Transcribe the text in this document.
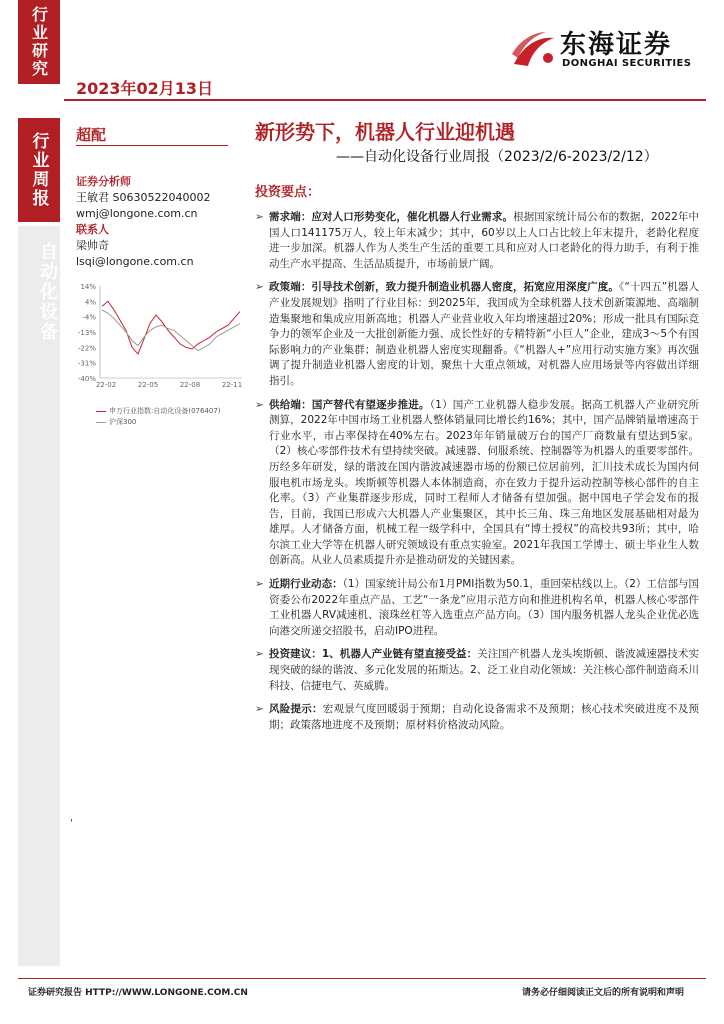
行业研究
2023年02月13日
东海证券
DONGHAI SECURITIES
行业周报
自动化设备
超配	新形势下，机器人行业迎机遇
——自动化设备行业周报（2023/2/6-2023/2/12）
证券分析师
王敏君 S0630522040002
wmj@longone.com.cn
联系人
梁帅奇
lsqi@longone.com.cn
14%
4%
-4%
-13%
-22%
-31%
-40%
22-02	22-05	22-08	22-11
申万行业指数:自动化设备(076407)
沪深300
投资要点：
➢ 需求端：应对人口形势变化，催化机器人行业需求。根据国家统计局公布的数据，2022年中国人口141175万人，较上年末减少；其中，60岁以上人口占比较上年末提升，老龄化程度进一步加深。机器人作为人类生产生活的重要工具和应对人口老龄化的得力助手，有利于推动生产水平提高、生活品质提升，市场前景广阔。
➢ 政策端：引导技术创新，致力提升制造业机器人密度，拓宽应用深度广度。《“十四五”机器人产业发展规划》指明了行业目标：到2025年，我国成为全球机器人技术创新策源地、高端制造集聚地和集成应用新高地；机器人产业营业收入年均增速超过20%；形成一批具有国际竞争力的领军企业及一大批创新能力强、成长性好的专精特新“小巨人”企业，建成3～5个有国际影响力的产业集群；制造业机器人密度实现翻番。《“机器人+”应用行动实施方案》再次强调了提升制造业机器人密度的计划，聚焦十大重点领域，对机器人应用场景等内容做出详细指引。
➢ 供给端：国产替代有望逐步推进。（1）国产工业机器人稳步发展。据高工机器人产业研究所测算，2022年中国市场工业机器人整体销量同比增长约16%；其中，国产品牌销量增速高于行业水平，市占率保持在40%左右。2023年年销量破万台的国产厂商数量有望达到5家。（2）核心零部件技术有望持续突破。减速器、伺服系统、控制器等为机器人的重要零部件。历经多年研发，绿的谐波在国内谐波减速器市场的份额已位居前列，汇川技术成长为国内伺服电机市场龙头。埃斯顿等机器人本体制造商，亦在致力于提升运动控制等核心部件的自主化率。（3）产业集群逐步形成，同时工程师人才储备有望加强。据中国电子学会发布的报告，目前，我国已形成六大机器人产业集聚区，其中长三角、珠三角地区发展基础相对最为雄厚。人才储备方面，机械工程一级学科中，全国具有“博士授权”的高校共93所；其中，哈尔滨工业大学等在机器人研究领域设有重点实验室。2021年我国工学博士、硕士毕业生人数创新高。从业人员素质提升亦是推动研发的关键因素。
➢ 近期行业动态：（1）国家统计局公布1月PMI指数为50.1，重回荣枯线以上。（2）工信部与国资委公布2022年重点产品、工艺“一条龙”应用示范方向和推进机构名单，机器人核心零部件工业机器人RV减速机、滚珠丝杠等入选重点产品方向。（3）国内服务机器人龙头企业优必选向港交所递交招股书，启动IPO进程。
➢ 投资建议：1、机器人产业链有望直接受益：关注国产机器人龙头埃斯顿、谐波减速器技术实现突破的绿的谐波、多元化发展的拓斯达。2、泛工业自动化领域：关注核心部件制造商禾川科技、信捷电气、英威腾。
➢ 风险提示：宏观景气度回暖弱于预期；自动化设备需求不及预期；核心技术突破进度不及预期；政策落地进度不及预期；原材料价格波动风险。
'
证券研究报告 HTTP://WWW.LONGONE.COM.CN	请务必仔细阅读正文后的所有说明和声明
